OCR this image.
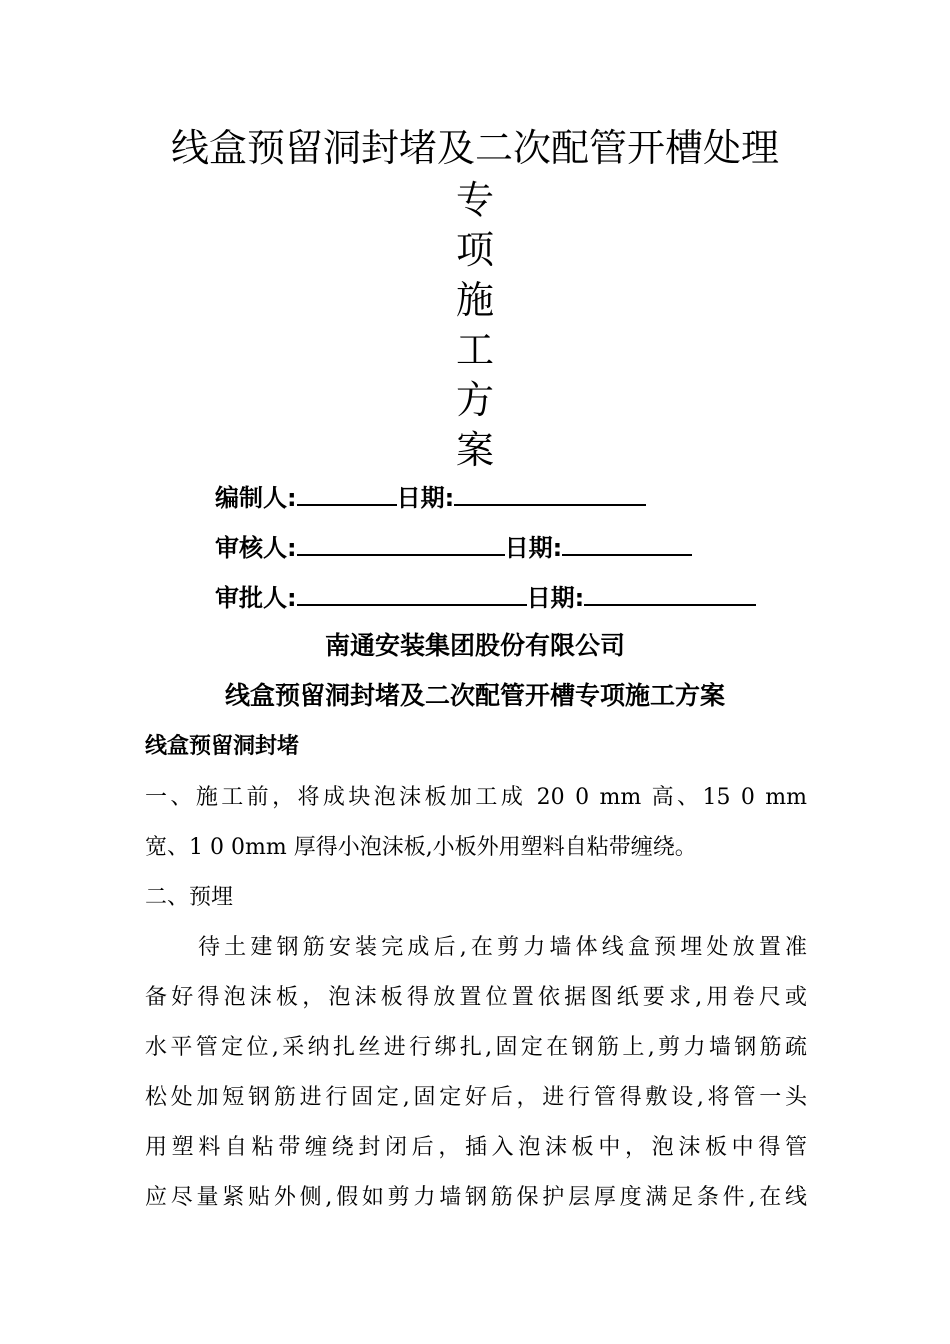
线盒预留洞封堵及二次配管开槽处理
专
项
施
工
方
案
编制人:	日期:
审核人:	日期:
审批人:	日期:
南通安装集团股份有限公司
线盒预留洞封堵及二次配管开槽专项施工方案
线盒预留洞封堵
一、施工前，将成块泡沫板加工成 20 0 mm 高、15 0 mm
宽、1 0 0mm 厚得小泡沫板,小板外用塑料自粘带缠绕。
二、预埋
待土建钢筋安装完成后,在剪力墙体线盒预埋处放置准
备好得泡沫板，泡沫板得放置位置依据图纸要求,用卷尺或
水平管定位,采纳扎丝进行绑扎,固定在钢筋上,剪力墙钢筋疏
松处加短钢筋进行固定,固定好后，进行管得敷设,将管一头
用塑料自粘带缠绕封闭后，插入泡沫板中，泡沫板中得管
应尽量紧贴外侧,假如剪力墙钢筋保护层厚度满足条件,在线
